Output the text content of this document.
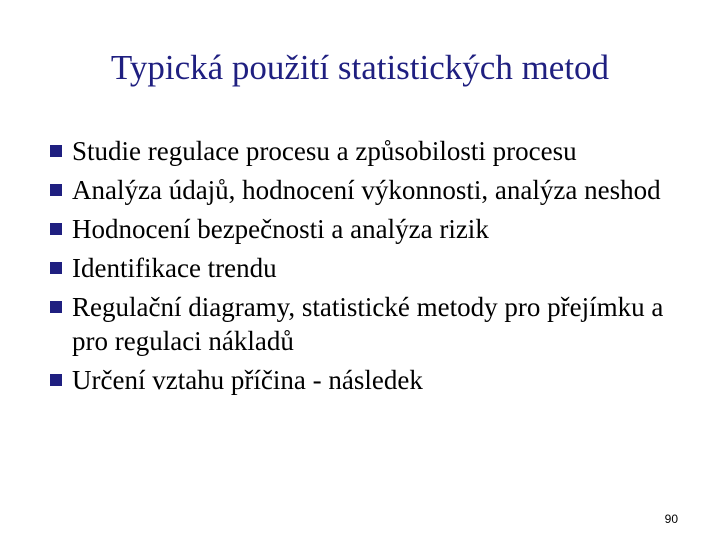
Typická použití statistických metod
Studie regulace procesu a způsobilosti procesu
Analýza údajů, hodnocení výkonnosti, analýza neshod
Hodnocení bezpečnosti a analýza rizik
Identifikace trendu
Regulační diagramy, statistické metody pro přejímku a pro regulaci nákladů
Určení vztahu příčina - následek
90
